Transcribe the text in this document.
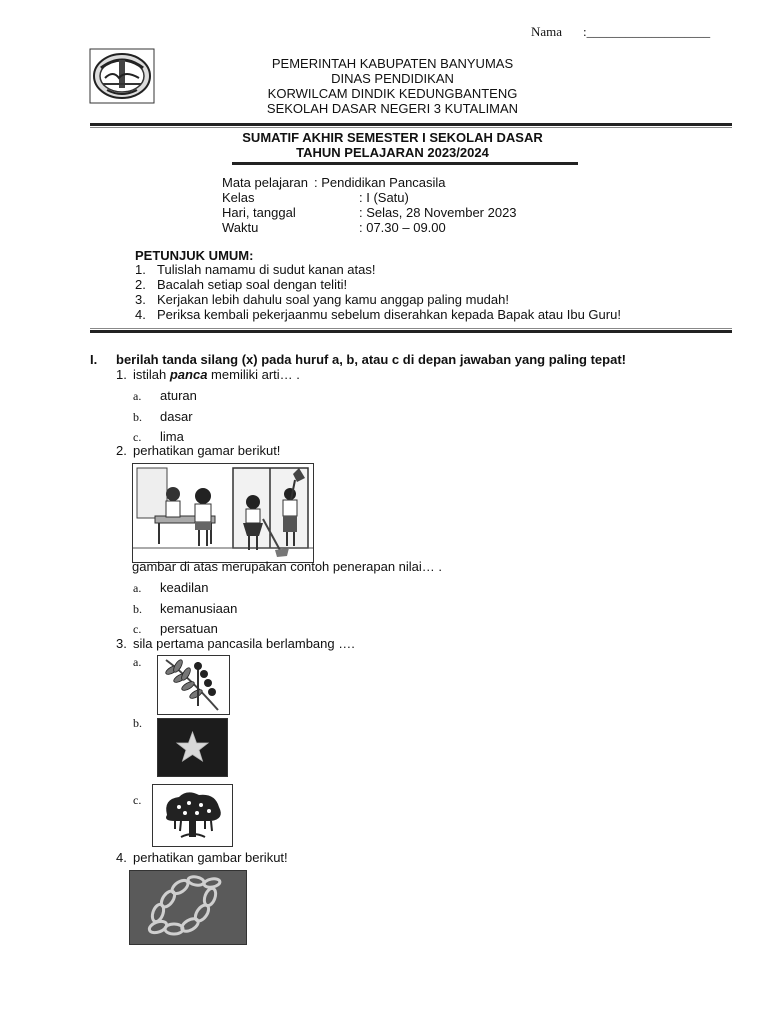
Nama :___________________
PEMERINTAH KABUPATEN BANYUMAS
DINAS PENDIDIKAN
KORWILCAM DINDIK KEDUNGBANTENG
SEKOLAH DASAR NEGERI 3 KUTALIMAN
SUMATIF AKHIR SEMESTER I SEKOLAH DASAR
TAHUN PELAJARAN 2023/2024
Mata pelajaran : Pendidikan Pancasila
Kelas	: I (Satu)
Hari, tanggal	: Selas, 28 November 2023
Waktu	: 07.30 – 09.00
PETUNJUK UMUM:
1. Tulislah namamu di sudut kanan atas!
2. Bacalah setiap soal dengan teliti!
3. Kerjakan lebih dahulu soal yang kamu anggap paling mudah!
4. Periksa kembali pekerjaanmu sebelum diserahkan kepada Bapak atau Ibu Guru!
I. berilah tanda silang (x) pada huruf a, b, atau c di depan jawaban yang paling tepat!
1. istilah panca memiliki arti… .
a. aturan
b. dasar
c. lima
2. perhatikan gamar berikut!
gambar di atas merupakan contoh penerapan nilai… .
a. keadilan
b. kemanusiaan
c. persatuan
3. sila pertama pancasila berlambang ….
a.
b.
c.
4. perhatikan gambar berikut!
